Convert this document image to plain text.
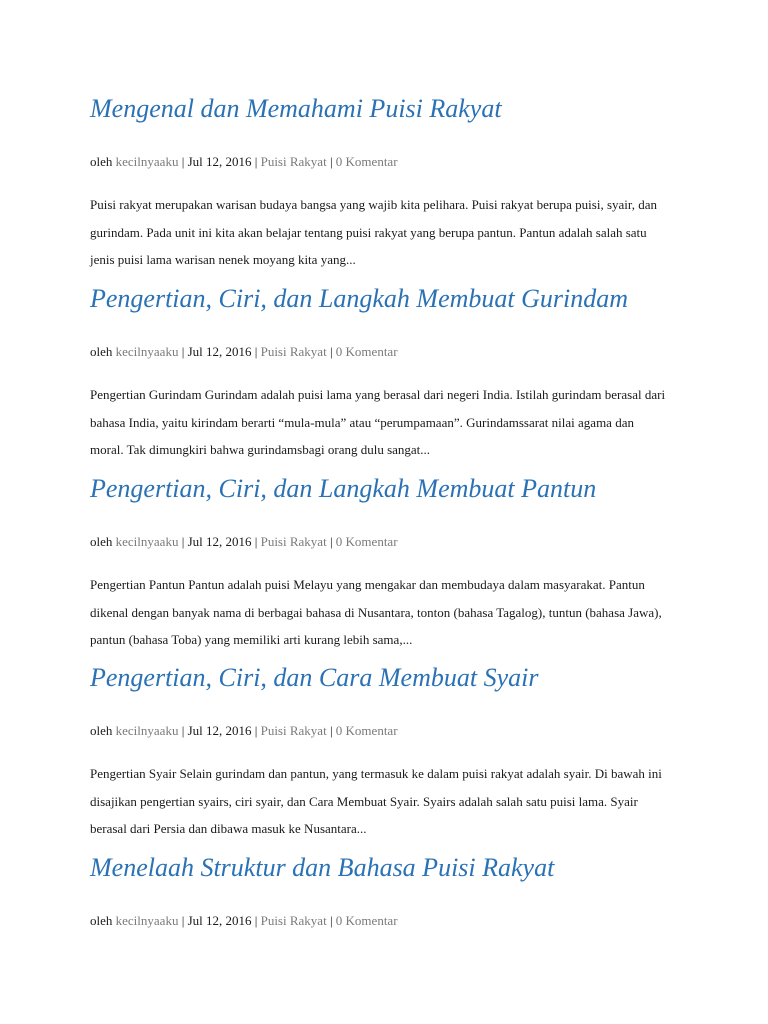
Mengenal dan Memahami Puisi Rakyat
oleh kecilnyaaku | Jul 12, 2016 | Puisi Rakyat | 0 Komentar

Puisi rakyat merupakan warisan budaya bangsa yang wajib kita pelihara. Puisi rakyat berupa puisi, syair, dan
gurindam. Pada unit ini kita akan belajar tentang puisi rakyat yang berupa pantun. Pantun adalah salah satu
jenis puisi lama warisan nenek moyang kita yang...

Pengertian, Ciri, dan Langkah Membuat Gurindam
oleh kecilnyaaku | Jul 12, 2016 | Puisi Rakyat | 0 Komentar

Pengertian Gurindam Gurindam adalah puisi lama yang berasal dari negeri India. Istilah gurindam berasal dari
bahasa India, yaitu kirindam berarti “mula-mula” atau “perumpamaan”. Gurindamssarat nilai agama dan
moral. Tak dimungkiri bahwa gurindamsbagi orang dulu sangat...

Pengertian, Ciri, dan Langkah Membuat Pantun
oleh kecilnyaaku | Jul 12, 2016 | Puisi Rakyat | 0 Komentar

Pengertian Pantun Pantun adalah puisi Melayu yang mengakar dan membudaya dalam masyarakat. Pantun
dikenal dengan banyak nama di berbagai bahasa di Nusantara, tonton (bahasa Tagalog), tuntun (bahasa Jawa),
pantun (bahasa Toba) yang memiliki arti kurang lebih sama,...

Pengertian, Ciri, dan Cara Membuat Syair
oleh kecilnyaaku | Jul 12, 2016 | Puisi Rakyat | 0 Komentar

Pengertian Syair Selain gurindam dan pantun, yang termasuk ke dalam puisi rakyat adalah syair. Di bawah ini
disajikan pengertian syairs, ciri syair, dan Cara Membuat Syair. Syairs adalah salah satu puisi lama. Syair
berasal dari Persia dan dibawa masuk ke Nusantara...

Menelaah Struktur dan Bahasa Puisi Rakyat
oleh kecilnyaaku | Jul 12, 2016 | Puisi Rakyat | 0 Komentar
